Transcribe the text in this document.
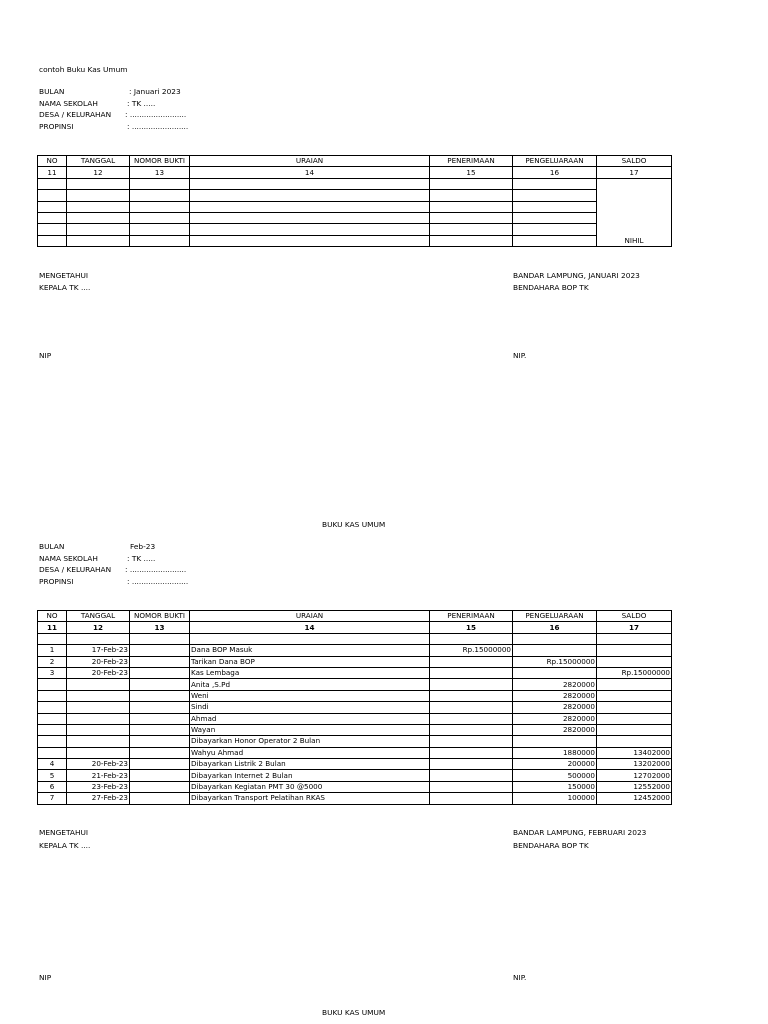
contoh Buku Kas Umum
BULAN	: Januari 2023
NAMA SEKOLAH	: TK .....
DESA / KELURAHAN : ........................
PROPINSI	: ........................
NO	TANGGAL	NOMOR BUKTI	URAIAN	PENERIMAAN	PENGELUARAAN	SALDO
11	12	13	14	15	16	17
						NIHIL

MENGETAHUI
KEPALA TK ....
BANDAR LAMPUNG, JANUARI 2023
BENDAHARA BOP TK
NIP	NIP.
BUKU KAS UMUM
BULAN	Feb-23
NAMA SEKOLAH	: TK .....
DESA / KELURAHAN : ........................
PROPINSI	: ........................
NO	TANGGAL	NOMOR BUKTI	URAIAN	PENERIMAAN	PENGELUARAAN	SALDO
11	12	13	14	15	16	17

1	17-Feb-23		Dana BOP Masuk	Rp.15000000		
2	20-Feb-23		Tarikan Dana BOP		Rp.15000000	
3	20-Feb-23		Kas Lembaga			Rp.15000000
			Anita ,S.Pd		2820000	
			Weni		2820000	
			Sindi		2820000	
			Ahmad		2820000	
			Wayan		2820000	
			Dibayarkan Honor Operator 2 Bulan			
			Wahyu Ahmad		1880000	13402000
4	20-Feb-23		Dibayarkan Listrik 2 Bulan		200000	13202000
5	21-Feb-23		Dibayarkan Internet 2 Bulan		500000	12702000
6	23-Feb-23		Dibayarkan Kegiatan PMT 30 @5000		150000	12552000
7	27-Feb-23		Dibayarkan Transport Pelatihan RKAS		100000	12452000
MENGETAHUI
KEPALA TK ....
BANDAR LAMPUNG, FEBRUARI 2023
BENDAHARA BOP TK
NIP	NIP.
BUKU KAS UMUM
